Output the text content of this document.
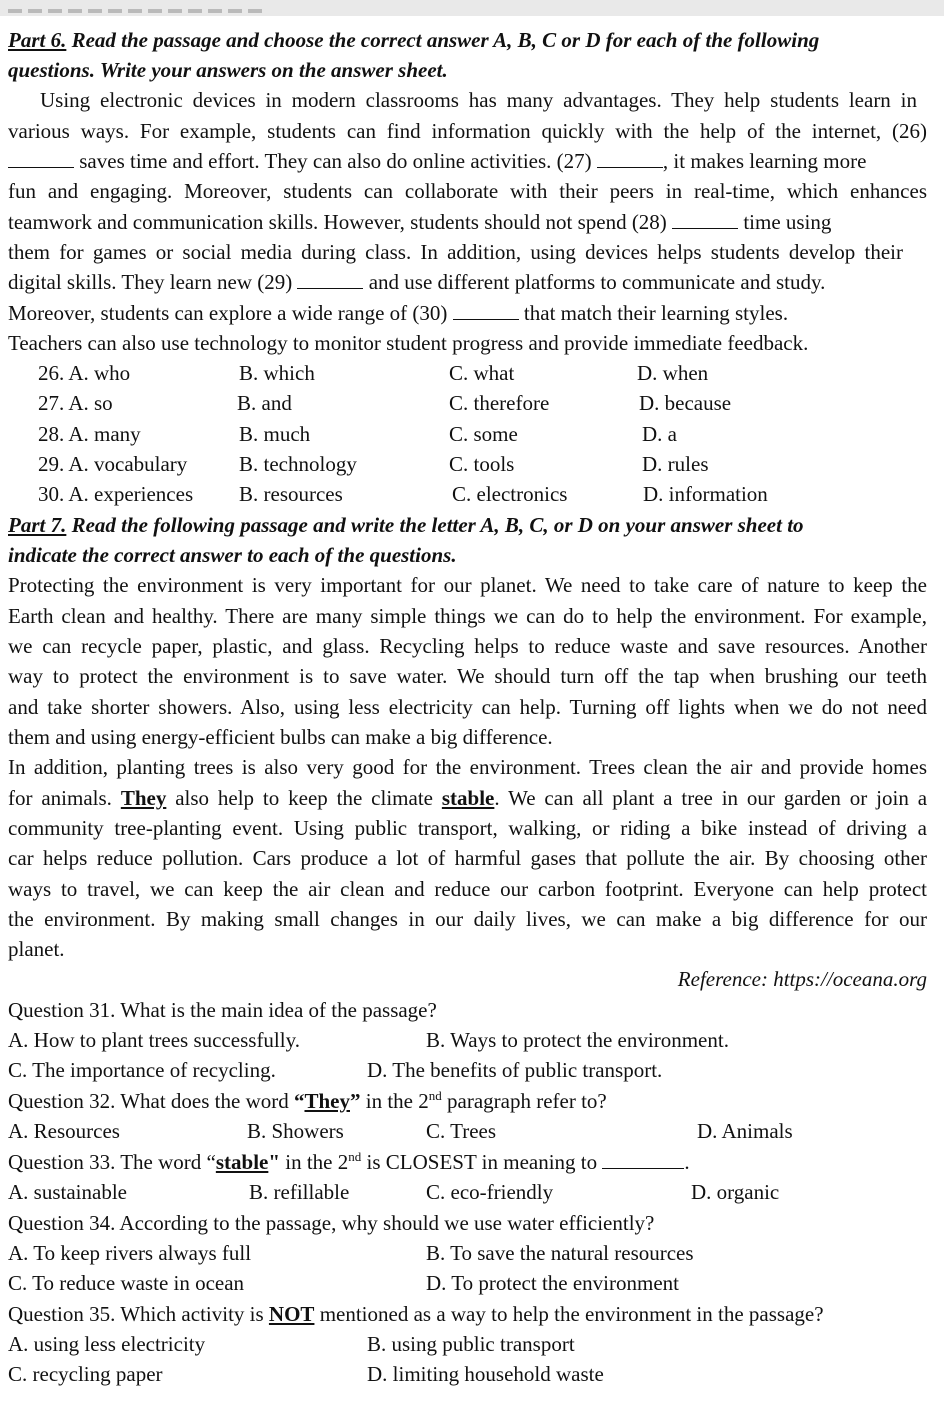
Part 6. Read the passage and choose the correct answer A, B, C or D for each of the following
questions. Write your answers on the answer sheet.
Using electronic devices in modern classrooms has many advantages. They help students learn in
various ways. For example, students can find information quickly with the help of the internet, (26)
saves time and effort. They can also do online activities. (27)	, it makes learning more
fun and engaging. Moreover, students can collaborate with their peers in real-time, which enhances
teamwork and communication skills. However, students should not spend (28)	time using
them for games or social media during class. In addition, using devices helps students develop their
digital skills. They learn new (29)	and use different platforms to communicate and study.
Moreover, students can explore a wide range of (30)	that match their learning styles.
Teachers can also use technology to monitor student progress and provide immediate feedback.
26. A. who	B. which	C. what	D. when
27. A. so	B. and	C. therefore	D. because
28. A. many	B. much	C. some	D. a
29. A. vocabulary B. technology	C. tools	D. rules
30. A. experiences B. resources	C. electronics	D. information
Part 7. Read the following passage and write the letter A, B, C, or D on your answer sheet to
indicate the correct answer to each of the questions.
Protecting the environment is very important for our planet. We need to take care of nature to keep the
Earth clean and healthy. There are many simple things we can do to help the environment. For example,
we can recycle paper, plastic, and glass. Recycling helps to reduce waste and save resources. Another
way to protect the environment is to save water. We should turn off the tap when brushing our teeth
and take shorter showers. Also, using less electricity can help. Turning off lights when we do not need
them and using energy-efficient bulbs can make a big difference.
In addition, planting trees is also very good for the environment. Trees clean the air and provide homes
for animals. They also help to keep the climate stable. We can all plant a tree in our garden or join a
community tree-planting event. Using public transport, walking, or riding a bike instead of driving a
car helps reduce pollution. Cars produce a lot of harmful gases that pollute the air. By choosing other
ways to travel, we can keep the air clean and reduce our carbon footprint. Everyone can help protect
the environment. By making small changes in our daily lives, we can make a big difference for our
planet.
Reference: https://oceana.org
Question 31. What is the main idea of the passage?
A. How to plant trees successfully.	B. Ways to protect the environment.
C. The importance of recycling.	D. The benefits of public transport.
Question 32. What does the word “They” in the 2nd paragraph refer to?
A. Resources	B. Showers	C. Trees	D. Animals
Question 33. The word “stable" in the 2nd is CLOSEST in meaning to	.
A. sustainable	B. refillable	C. eco-friendly	D. organic
Question 34. According to the passage, why should we use water efficiently?
A. To keep rivers always full	B. To save the natural resources
C. To reduce waste in ocean	D. To protect the environment
Question 35. Which activity is NOT mentioned as a way to help the environment in the passage?
A. using less electricity	B. using public transport
C. recycling paper	D. limiting household waste
